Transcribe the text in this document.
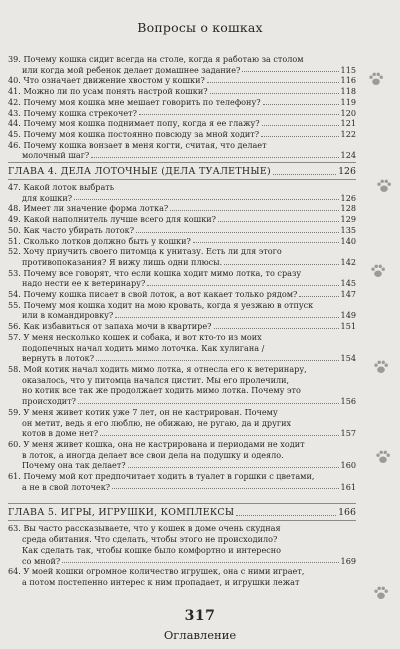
Вопросы о кошках
39. Почему кошка сидит всегда на столе, когда я работаю за столом
или когда мой ребенок делает домашнее задание?	115
40. Что означает движение хвостом у кошки?	116
41. Можно ли по усам понять настрой кошки?	118
42. Почему моя кошка мне мешает говорить по телефону?	119
43. Почему кошка стрекочет?	120
44. Почему моя кошка поднимает попу, когда я ее глажу?	121
45. Почему моя кошка постоянно повсюду за мной ходит?	122
46. Почему кошка вонзает в меня когти, считая, что делает
молочный шаг?	124
ГЛАВА 4. ДЕЛА ЛОТОЧНЫЕ (ДЕЛА ТУАЛЕТНЫЕ)	126
47. Какой лоток выбрать
для кошки?	126
48. Имеет ли значение форма лотка?	128
49. Какой наполнитель лучше всего для кошки?	129
50. Как часто убирать лоток?	135
51. Сколько лотков должно быть у кошки?	140
52. Хочу приучить своего питомца к унитазу. Есть ли для этого
противопоказания? Я вижу лишь одни плюсы.	142
53. Почему все говорят, что если кошка ходит мимо лотка, то сразу
надо нести ее к ветеринару?	145
54. Почему кошка писает в свой лоток, а вот какает только рядом?	147
55. Почему моя кошка ходит на мою кровать, когда я уезжаю в отпуск
или в командировку?	149
56. Как избавиться от запаха мочи в квартире?	151
57. У меня несколько кошек и собака, и вот кто-то из моих
подопечных начал ходить мимо лоточка. Как хулигана /
вернуть в лоток?	154
58. Мой котик начал ходить мимо лотка, я отнесла его к ветеринару,
оказалось, что у питомца начался цистит. Мы его пролечили,
но котик все так же продолжает ходить мимо лотка. Почему это
происходит?	156
59. У меня живет котик уже 7 лет, он не кастрирован. Почему
он метит, ведь я его люблю, не обижаю, не ругаю, да и других
котов в доме нет?	157
60. У меня живет кошка, она не кастрирована и периодами не ходит
в лоток, а иногда делает все свои дела на подушку и одеяло.
Почему она так делает?	160
61. Почему мой кот предпочитает ходить в туалет в горшки с цветами,
а не в свой лоточек?	161
ГЛАВА 5. ИГРЫ, ИГРУШКИ, КОМПЛЕКСЫ	166
63. Вы часто рассказываете, что у кошек в доме очень скудная
среда обитания. Что сделать, чтобы этого не происходило?
Как сделать так, чтобы кошке было комфортно и интересно
со мной?	169
64. У моей кошки огромное количество игрушек, она с ними играет,
а потом постепенно интерес к ним пропадает, и игрушки лежат
317
Оглавление
